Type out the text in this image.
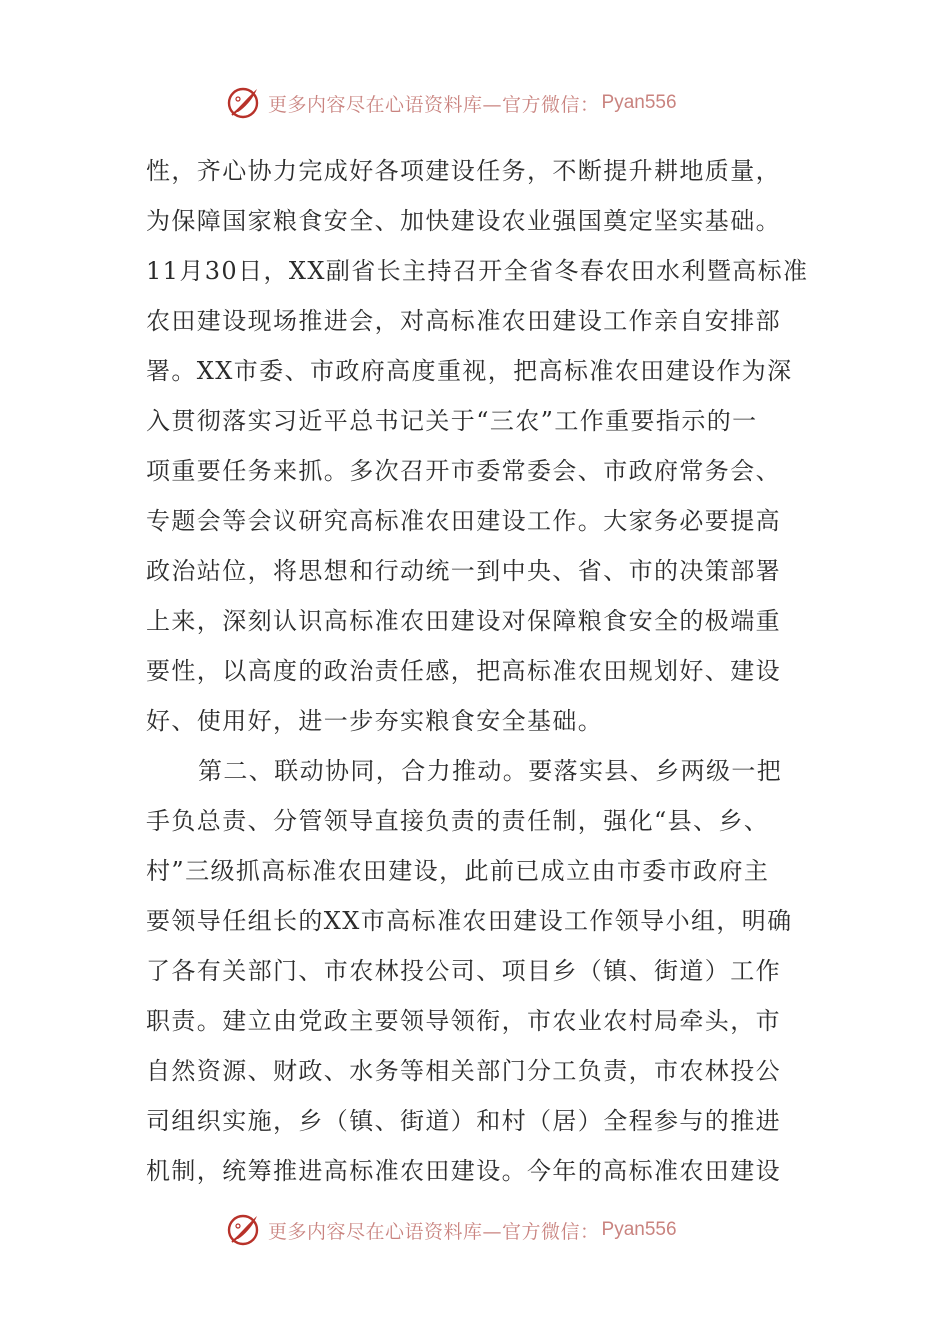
更多内容尽在心语资料库—官方微信： Pyan556
性，齐心协力完成好各项建设任务，不断提升耕地质量，
为保障国家粮食安全、加快建设农业强国奠定坚实基础。
11月30日，XX副省长主持召开全省冬春农田水利暨高标准
农田建设现场推进会，对高标准农田建设工作亲自安排部
署。XX市委、市政府高度重视，把高标准农田建设作为深
入贯彻落实习近平总书记关于“三农”工作重要指示的一
项重要任务来抓。多次召开市委常委会、市政府常务会、
专题会等会议研究高标准农田建设工作。大家务必要提高
政治站位，将思想和行动统一到中央、省、市的决策部署
上来，深刻认识高标准农田建设对保障粮食安全的极端重
要性，以高度的政治责任感，把高标准农田规划好、建设
好、使用好，进一步夯实粮食安全基础。
第二、联动协同，合力推动。要落实县、乡两级一把
手负总责、分管领导直接负责的责任制，强化“县、乡、
村”三级抓高标准农田建设，此前已成立由市委市政府主
要领导任组长的XX市高标准农田建设工作领导小组，明确
了各有关部门、市农林投公司、项目乡（镇、街道）工作
职责。建立由党政主要领导领衔，市农业农村局牵头，市
自然资源、财政、水务等相关部门分工负责，市农林投公
司组织实施，乡（镇、街道）和村（居）全程参与的推进
机制，统筹推进高标准农田建设。今年的高标准农田建设
更多内容尽在心语资料库—官方微信： Pyan556
